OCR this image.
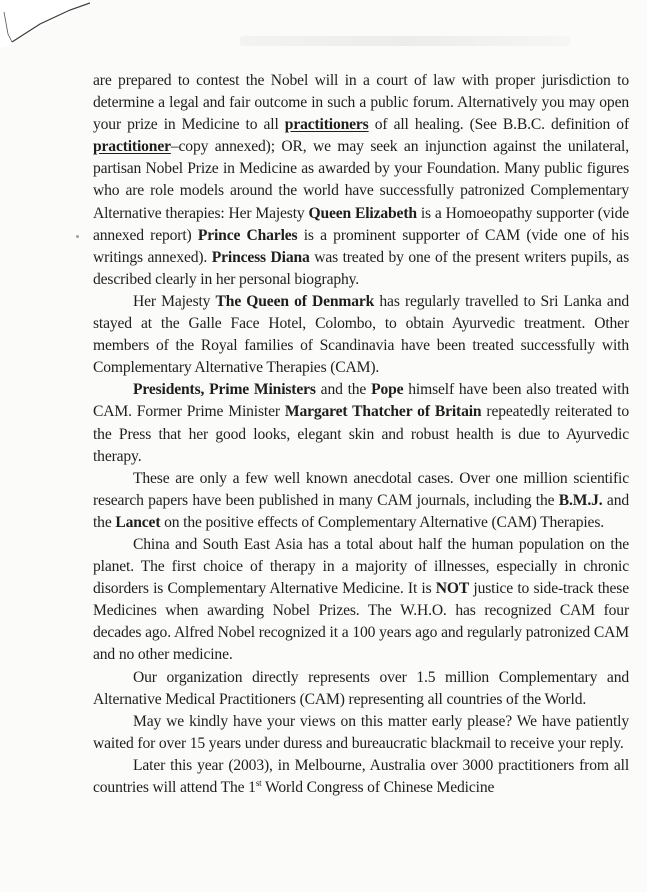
are prepared to contest the Nobel will in a court of law with proper jurisdiction to determine a legal and fair outcome in such a public forum. Alternatively you may open your prize in Medicine to all practitioners of all healing. (See B.B.C. definition of practitioner–copy annexed); OR, we may seek an injunction against the unilateral, partisan Nobel Prize in Medicine as awarded by your Foundation. Many public figures who are role models around the world have successfully patronized Complementary Alternative therapies: Her Majesty Queen Elizabeth is a Homoeopathy supporter (vide annexed report) Prince Charles is a prominent supporter of CAM (vide one of his writings annexed). Princess Diana was treated by one of the present writers pupils, as described clearly in her personal biography.

Her Majesty The Queen of Denmark has regularly travelled to Sri Lanka and stayed at the Galle Face Hotel, Colombo, to obtain Ayurvedic treatment. Other members of the Royal families of Scandinavia have been treated successfully with Complementary Alternative Therapies (CAM).

Presidents, Prime Ministers and the Pope himself have been also treated with CAM. Former Prime Minister Margaret Thatcher of Britain repeatedly reiterated to the Press that her good looks, elegant skin and robust health is due to Ayurvedic therapy.

These are only a few well known anecdotal cases. Over one million scientific research papers have been published in many CAM journals, including the B.M.J. and the Lancet on the positive effects of Complementary Alternative (CAM) Therapies.

China and South East Asia has a total about half the human population on the planet. The first choice of therapy in a majority of illnesses, especially in chronic disorders is Complementary Alternative Medicine. It is NOT justice to side-track these Medicines when awarding Nobel Prizes. The W.H.O. has recognized CAM four decades ago. Alfred Nobel recognized it a 100 years ago and regularly patronized CAM and no other medicine.

Our organization directly represents over 1.5 million Complementary and Alternative Medical Practitioners (CAM) representing all countries of the World.

May we kindly have your views on this matter early please? We have patiently waited for over 15 years under duress and bureaucratic blackmail to receive your reply.

Later this year (2003), in Melbourne, Australia over 3000 practitioners from all countries will attend The 1st World Congress of Chinese Medicine
